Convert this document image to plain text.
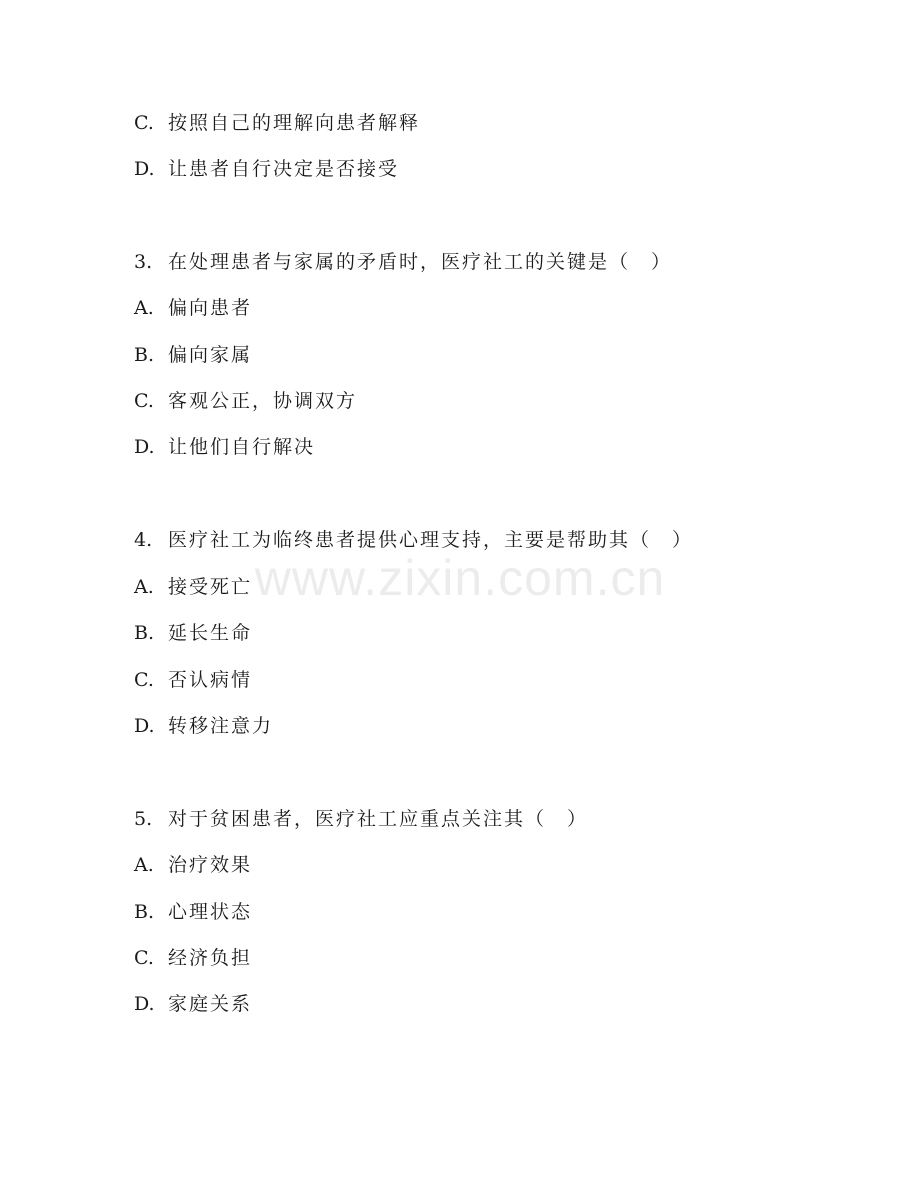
C. 按照自己的理解向患者解释
D. 让患者自行决定是否接受
3. 在处理患者与家属的矛盾时，医疗社工的关键是（　）
A. 偏向患者
B. 偏向家属
C. 客观公正，协调双方
D. 让他们自行解决
4. 医疗社工为临终患者提供心理支持，主要是帮助其（　）
A. 接受死亡
B. 延长生命
C. 否认病情
D. 转移注意力
5. 对于贫困患者，医疗社工应重点关注其（　）
A. 治疗效果
B. 心理状态
C. 经济负担
D. 家庭关系
www.zixin.com.cn
